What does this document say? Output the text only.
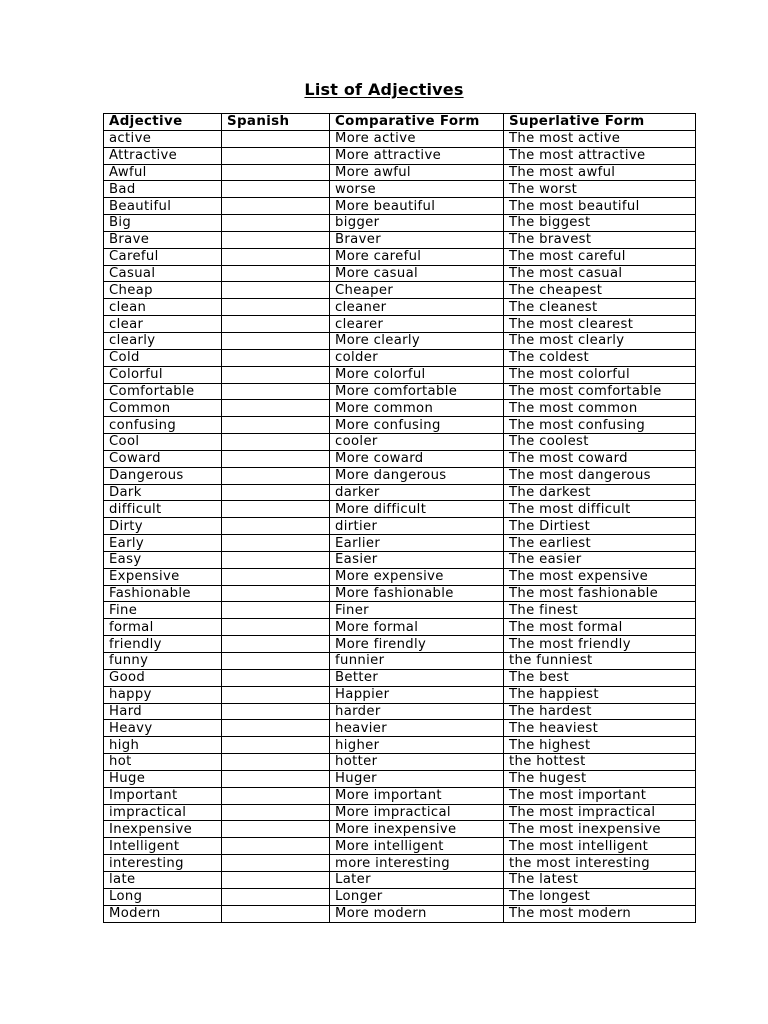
List of Adjectives
Adjective	Spanish	Comparative Form	Superlative Form
active		More active	The most active
Attractive		More attractive	The most attractive
Awful		More awful	The most awful
Bad		worse	The worst
Beautiful		More beautiful	The most beautiful
Big		bigger	The biggest
Brave		Braver	The bravest
Careful		More careful	The most careful
Casual		More casual	The most casual
Cheap		Cheaper	The cheapest
clean		cleaner	The cleanest
clear		clearer	The most clearest
clearly		More clearly	The most clearly
Cold		colder	The coldest
Colorful		More colorful	The most colorful
Comfortable		More comfortable	The most comfortable
Common		More common	The most common
confusing		More confusing	The most confusing
Cool		cooler	The coolest
Coward		More coward	The most coward
Dangerous		More dangerous	The most dangerous
Dark		darker	The darkest
difficult		More difficult	The most difficult
Dirty		dirtier	The Dirtiest
Early		Earlier	The earliest
Easy		Easier	The easier
Expensive		More expensive	The most expensive
Fashionable		More fashionable	The most fashionable
Fine		Finer	The finest
formal		More formal	The most formal
friendly		More firendly	The most friendly
funny		funnier	the funniest
Good		Better	The best
happy		Happier	The happiest
Hard		harder	The hardest
Heavy		heavier	The heaviest
high		higher	The highest
hot		hotter	the hottest
Huge		Huger	The hugest
Important		More important	The most important
impractical		More impractical	The most impractical
Inexpensive		More inexpensive	The most inexpensive
Intelligent		More intelligent	The most intelligent
interesting		more interesting	the most interesting
late		Later	The latest
Long		Longer	The longest
Modern		More modern	The most modern
